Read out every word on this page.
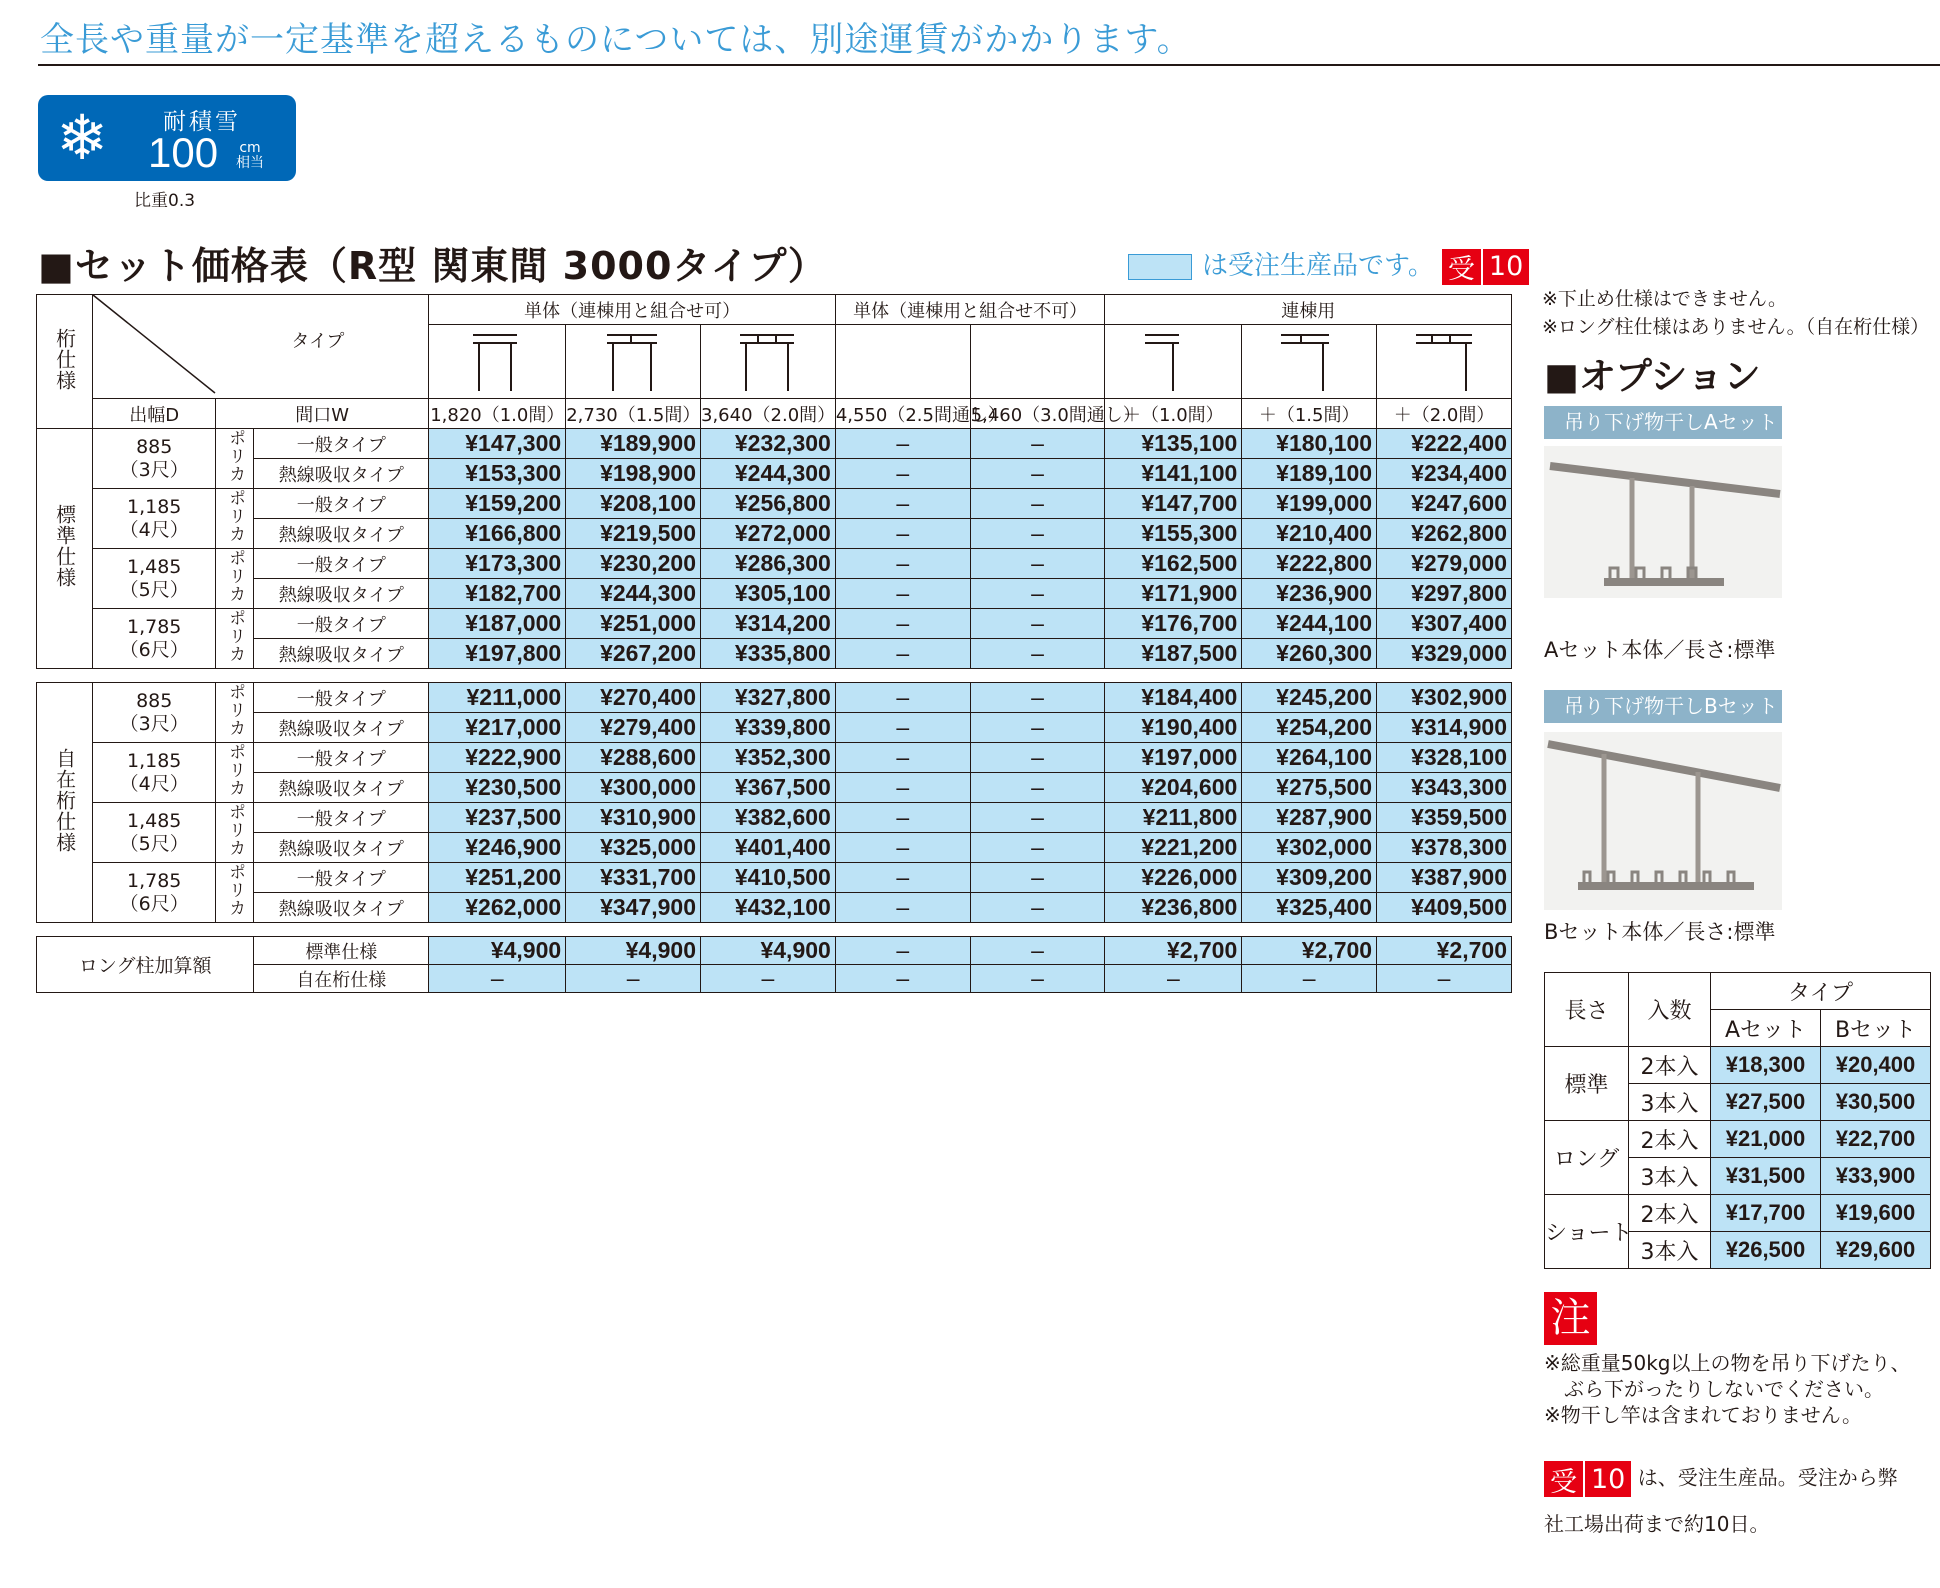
全長や重量が一定基準を超えるものについては、別途運賃がかかります。
❄ 耐積雪
100 cm
相当
比重0.3
■セット価格表（R型 関東間 3000タイプ）	は受注生産品です。 受 10
桁仕様	タイプ			単体（連棟用と組合せ可）			単体（連棟用と組合せ不可）		連棟用		

	出幅D	間口W		1,820（1.0間）	2,730（1.5間）	3,640（2.0間）	4,550（2.5間通し）	5,460（3.0間通し）	＋（1.0間）	＋（1.5間）	＋（2.0間）
標準仕様	885
（3尺）	ポリカ	一般タイプ	¥147,300	¥189,900	¥232,300	–	–	¥135,100	¥180,100	¥222,400
			熱線吸収タイプ	¥153,300	¥198,900	¥244,300	–	–	¥141,100	¥189,100	¥234,400

	1,185
（4尺）	ポリカ	一般タイプ	¥159,200	¥208,100	¥256,800	–	–	¥147,700	¥199,000	¥247,600
			熱線吸収タイプ	¥166,800	¥219,500	¥272,000	–	–	¥155,300	¥210,400	¥262,800

	1,485
（5尺）	ポリカ	一般タイプ	¥173,300	¥230,200	¥286,300	–	–	¥162,500	¥222,800	¥279,000
			熱線吸収タイプ	¥182,700	¥244,300	¥305,100	–	–	¥171,900	¥236,900	¥297,800

	1,785
（6尺）	ポリカ	一般タイプ	¥187,000	¥251,000	¥314,200	–	–	¥176,700	¥244,100	¥307,400
			熱線吸収タイプ	¥197,800	¥267,200	¥335,800	–	–	¥187,500	¥260,300	¥329,000

自在桁仕様	885
（3尺）	ポリカ	一般タイプ	¥211,000	¥270,400	¥327,800	–	–	¥184,400	¥245,200	¥302,900
			熱線吸収タイプ	¥217,000	¥279,400	¥339,800	–	–	¥190,400	¥254,200	¥314,900

	1,185
（4尺）	ポリカ	一般タイプ	¥222,900	¥288,600	¥352,300	–	–	¥197,000	¥264,100	¥328,100
			熱線吸収タイプ	¥230,500	¥300,000	¥367,500	–	–	¥204,600	¥275,500	¥343,300

	1,485
（5尺）	ポリカ	一般タイプ	¥237,500	¥310,900	¥382,600	–	–	¥211,800	¥287,900	¥359,500
			熱線吸収タイプ	¥246,900	¥325,000	¥401,400	–	–	¥221,200	¥302,000	¥378,300

	1,785
（6尺）	ポリカ	一般タイプ	¥251,200	¥331,700	¥410,500	–	–	¥226,000	¥309,200	¥387,900
			熱線吸収タイプ	¥262,000	¥347,900	¥432,100	–	–	¥236,800	¥325,400	¥409,500

ロング柱加算額			標準仕様	¥4,900	¥4,900	¥4,900	–	–	¥2,700	¥2,700	¥2,700
			自在桁仕様	–	–	–	–	–	–	–	–
※下止め仕様はできません。
※ロング柱仕様はありません。（自在桁仕様）
■オプション
吊り下げ物干しAセット
Aセット本体／長さ:標準
吊り下げ物干しBセット
Bセット本体／長さ:標準
長さ	入数	タイプ	
		Aセット	Bセット
標準	2本入	¥18,300	¥20,400
	3本入	¥27,500	¥30,500
ロング	2本入	¥21,000	¥22,700
	3本入	¥31,500	¥33,900
ショート	2本入	¥17,700	¥19,600
	3本入	¥26,500	¥29,600
注
※総重量50kg以上の物を吊り下げたり、
　ぶら下がったりしないでください。
※物干し竿は含まれておりません。
受 10 は、受注生産品。受注から弊
社工場出荷まで約10日。
